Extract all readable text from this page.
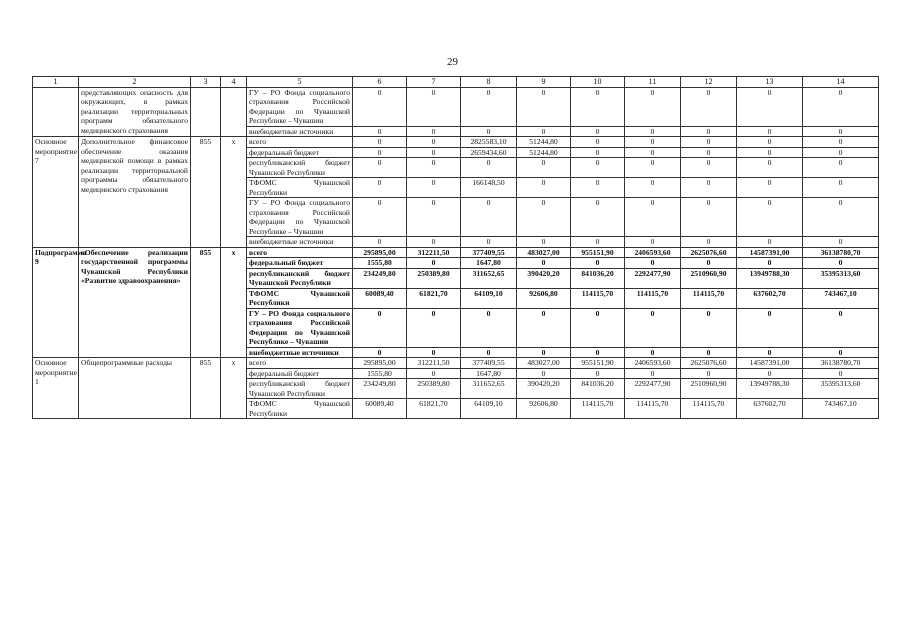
29
1	2	3	4	5	6	7	8	9	10	11	12	13	14
	представляющих опасность для окружающих, в рамках реализации территориальных программ обязательного медицинского страхования			ГУ – РО Фонда социального страхования Российской Федерации по Чувашской Республике – Чувашии	0	0	0	0	0	0	0	0	0
				внебюджетные источники	0	0	0	0	0	0	0	0	0
Основное мероприятие 7	Дополнительное финансовое обеспечение оказания медицинской помощи в рамках реализации территориальной программы обязательного медицинского страхования	855	х	всего	0	0	2825583,10	51244,80	0	0	0	0	0
				федеральный бюджет	0	0	2659434,60	51244,80	0	0	0	0	0
				республиканский бюджет Чувашской Республики	0	0	0	0	0	0	0	0	0
				ТФОМС Чувашской Республики	0	0	166148,50	0	0	0	0	0	0
				ГУ – РО Фонда социального страхования Российской Федерации по Чувашской Республике – Чувашии	0	0	0	0	0	0	0	0	0
				внебюджетные источники	0	0	0	0	0	0	0	0	0
Подпрограмма 9	«Обеспечение реализации государственной программы Чувашской Республики «Развитие здравоохранения»	855	х	всего	295895,00	312211,50	377409,55	483027,00	955151,90	2406593,60	2625076,60	14587391,00	36138780,70
				федеральный бюджет	1555,80	0	1647,80	0	0	0	0	0	0
				республиканский бюджет Чувашской Республики	234249,80	250389,80	311652,65	390420,20	841036,20	2292477,90	2510960,90	13949788,30	35395313,60
				ТФОМС Чувашской Республики	60089,40	61821,70	64109,10	92606,80	114115,70	114115,70	114115,70	637602,70	743467,10
				ГУ – РО Фонда социального страхования Российской Федерации по Чувашской Республике – Чувашии	0	0	0	0	0	0	0	0	0
				внебюджетные источники	0	0	0	0	0	0	0	0	0
Основное мероприятие 1	Общепрограммные расходы	855	х	всего	295895,00	312211,50	377409,55	483027,00	955151,90	2406593,60	2625076,60	14587391,00	36138780,70
				федеральный бюджет	1555,80	0	1647,80	0	0	0	0	0	0
				республиканский бюджет Чувашской Республики	234249,80	250389,80	311652,65	390420,20	841036,20	2292477,90	2510960,90	13949788,30	35395313,60
				ТФОМС Чувашской Республики	60089,40	61821,70	64109,10	92606,80	114115,70	114115,70	114115,70	637602,70	743467,10
